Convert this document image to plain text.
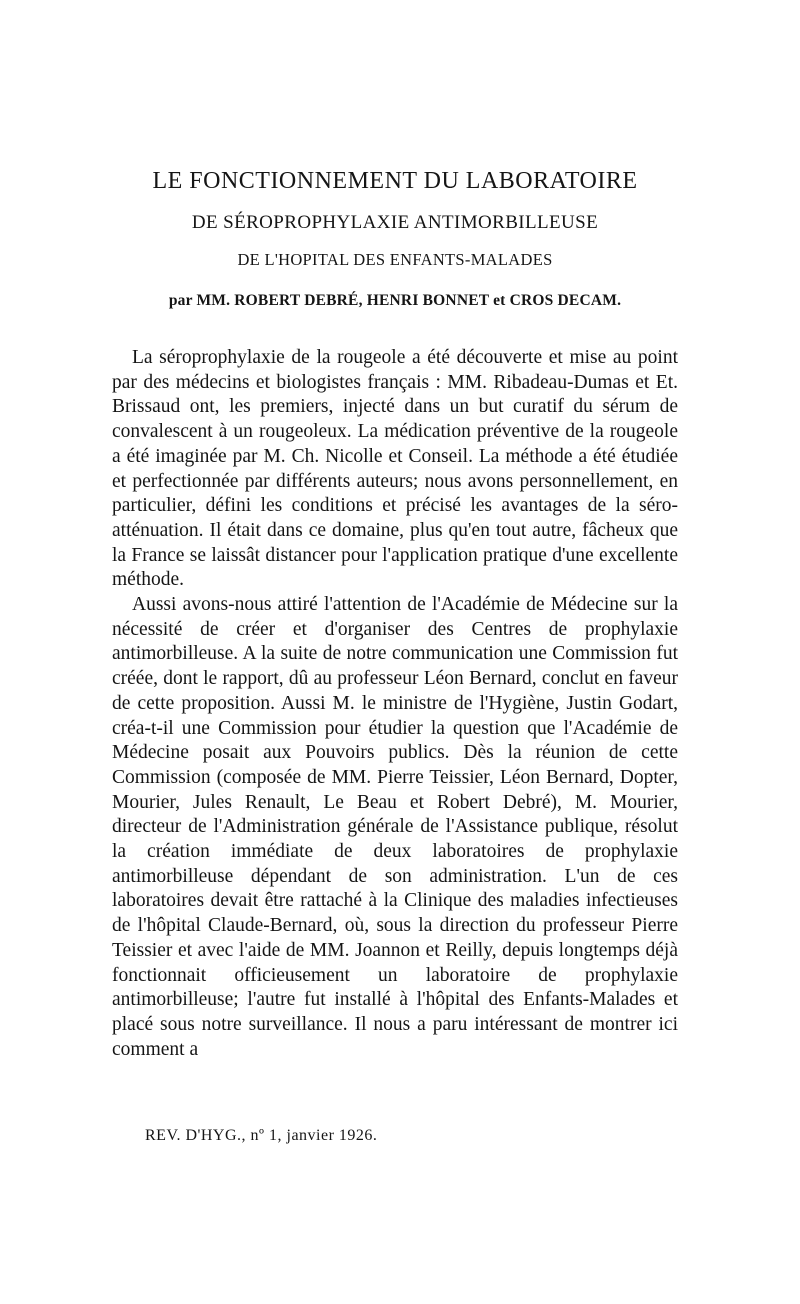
LE FONCTIONNEMENT DU LABORATOIRE
DE SÉROPROPHYLAXIE ANTIMORBILLEUSE
DE L'HOPITAL DES ENFANTS-MALADES
par MM. ROBERT DEBRÉ, HENRI BONNET et CROS DECAM.

La séroprophylaxie de la rougeole a été découverte et mise au point par des médecins et biologistes français : MM. Ribadeau-Dumas et Et. Brissaud ont, les premiers, injecté dans un but curatif du sérum de convalescent à un rougeoleux. La médication préventive de la rougeole a été imaginée par M. Ch. Nicolle et Conseil. La méthode a été étudiée et perfectionnée par différents auteurs; nous avons personnellement, en particulier, défini les conditions et précisé les avantages de la séro-atténuation. Il était dans ce domaine, plus qu'en tout autre, fâcheux que la France se laissât distancer pour l'application pratique d'une excellente méthode.

Aussi avons-nous attiré l'attention de l'Académie de Médecine sur la nécessité de créer et d'organiser des Centres de prophylaxie antimorbilleuse. A la suite de notre communication une Commission fut créée, dont le rapport, dû au professeur Léon Bernard, conclut en faveur de cette proposition. Aussi M. le ministre de l'Hygiène, Justin Godart, créa-t-il une Commission pour étudier la question que l'Académie de Médecine posait aux Pouvoirs publics. Dès la réunion de cette Commission (composée de MM. Pierre Teissier, Léon Bernard, Dopter, Mourier, Jules Renault, Le Beau et Robert Debré), M. Mourier, directeur de l'Administration générale de l'Assistance publique, résolut la création immédiate de deux laboratoires de prophylaxie antimorbilleuse dépendant de son administration. L'un de ces laboratoires devait être rattaché à la Clinique des maladies infectieuses de l'hôpital Claude-Bernard, où, sous la direction du professeur Pierre Teissier et avec l'aide de MM. Joannon et Reilly, depuis longtemps déjà fonctionnait officieusement un laboratoire de prophylaxie antimorbilleuse; l'autre fut installé à l'hôpital des Enfants-Malades et placé sous notre surveillance. Il nous a paru intéressant de montrer ici comment a

REV. D'HYG., nº 1, janvier 1926.
